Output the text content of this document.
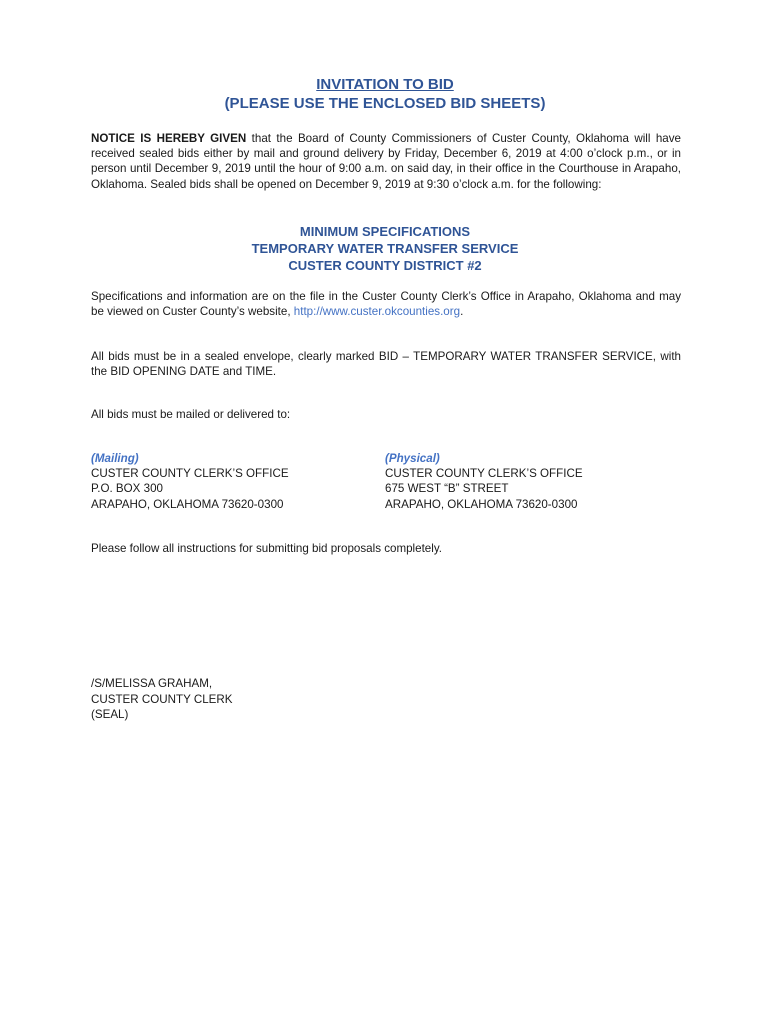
INVITATION TO BID
(PLEASE USE THE ENCLOSED BID SHEETS)

NOTICE IS HEREBY GIVEN that the Board of County Commissioners of Custer County, Oklahoma will have received sealed bids either by mail and ground delivery by Friday, December 6, 2019 at 4:00 o’clock p.m., or in person until December 9, 2019 until the hour of 9:00 a.m. on said day, in their office in the Courthouse in Arapaho, Oklahoma. Sealed bids shall be opened on December 9, 2019 at 9:30 o’clock a.m. for the following:

MINIMUM SPECIFICATIONS
TEMPORARY WATER TRANSFER SERVICE
CUSTER COUNTY DISTRICT #2

Specifications and information are on the file in the Custer County Clerk’s Office in Arapaho, Oklahoma and may be viewed on Custer County’s website, http://www.custer.okcounties.org.

All bids must be in a sealed envelope, clearly marked BID – TEMPORARY WATER TRANSFER SERVICE, with the BID OPENING DATE and TIME.

All bids must be mailed or delivered to:

(Mailing)
CUSTER COUNTY CLERK’S OFFICE
P.O. BOX 300
ARAPAHO, OKLAHOMA 73620-0300
(Physical)
CUSTER COUNTY CLERK’S OFFICE
675 WEST “B” STREET
ARAPAHO, OKLAHOMA 73620-0300

Please follow all instructions for submitting bid proposals completely.

/S/MELISSA GRAHAM,
CUSTER COUNTY CLERK
(SEAL)
